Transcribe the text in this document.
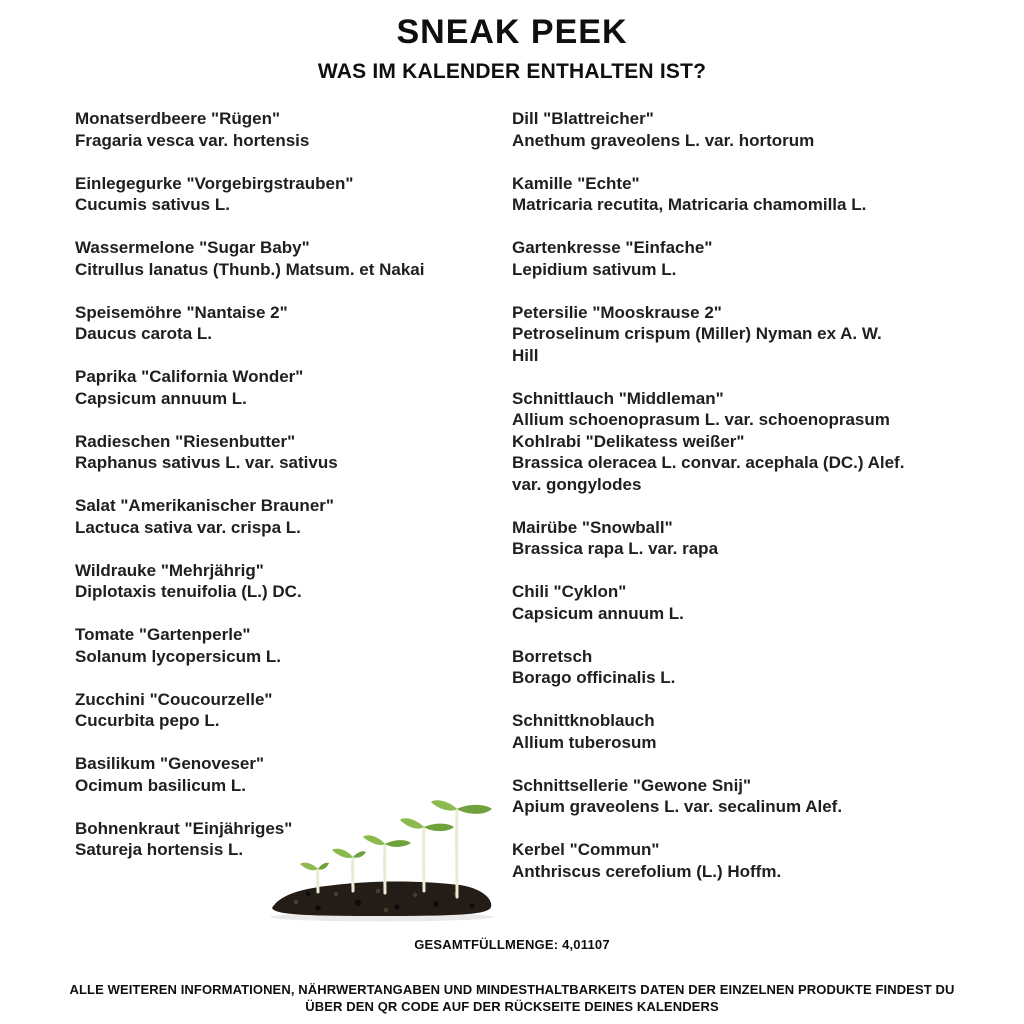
SNEAK PEEK
WAS IM KALENDER ENTHALTEN IST?
Monatserdbeere "Rügen"
Fragaria vesca var. hortensis
Einlegegurke "Vorgebirgstrauben"
Cucumis sativus L.
Wassermelone "Sugar Baby"
Citrullus lanatus (Thunb.) Matsum. et Nakai
Speisemöhre "Nantaise 2"
Daucus carota L.
Paprika "California Wonder"
Capsicum annuum L.
Radieschen "Riesenbutter"
Raphanus sativus L. var. sativus
Salat "Amerikanischer Brauner"
Lactuca sativa var. crispa L.
Wildrauke "Mehrjährig"
Diplotaxis tenuifolia (L.) DC.
Tomate "Gartenperle"
Solanum lycopersicum L.
Zucchini "Coucourzelle"
Cucurbita pepo L.
Basilikum "Genoveser"
Ocimum basilicum L.
Bohnenkraut "Einjähriges"
Satureja hortensis L.
Dill "Blattreicher"
Anethum graveolens L. var. hortorum
Kamille "Echte"
Matricaria recutita, Matricaria chamomilla L.
Gartenkresse "Einfache"
Lepidium sativum L.
Petersilie "Mooskrause 2"
Petroselinum crispum (Miller) Nyman ex A. W.
Hill
Schnittlauch "Middleman"
Allium schoenoprasum L. var. schoenoprasum
Kohlrabi "Delikatess weißer"
Brassica oleracea L. convar. acephala (DC.) Alef.
var. gongylodes
Mairübe "Snowball"
Brassica rapa L. var. rapa
Chili "Cyklon"
Capsicum annuum L.
Borretsch
Borago officinalis L.
Schnittknoblauch
Allium tuberosum
Schnittsellerie "Gewone Snij"
Apium graveolens L. var. secalinum Alef.
Kerbel "Commun"
Anthriscus cerefolium (L.) Hoffm.
GESAMTFÜLLMENGE: 4,01107

ALLE WEITEREN INFORMATIONEN, NÄHRWERTANGABEN UND MINDESTHALTBARKEITS DATEN DER EINZELNEN PRODUKTE FINDEST DU
ÜBER DEN QR CODE AUF DER RÜCKSEITE DEINES KALENDERS
